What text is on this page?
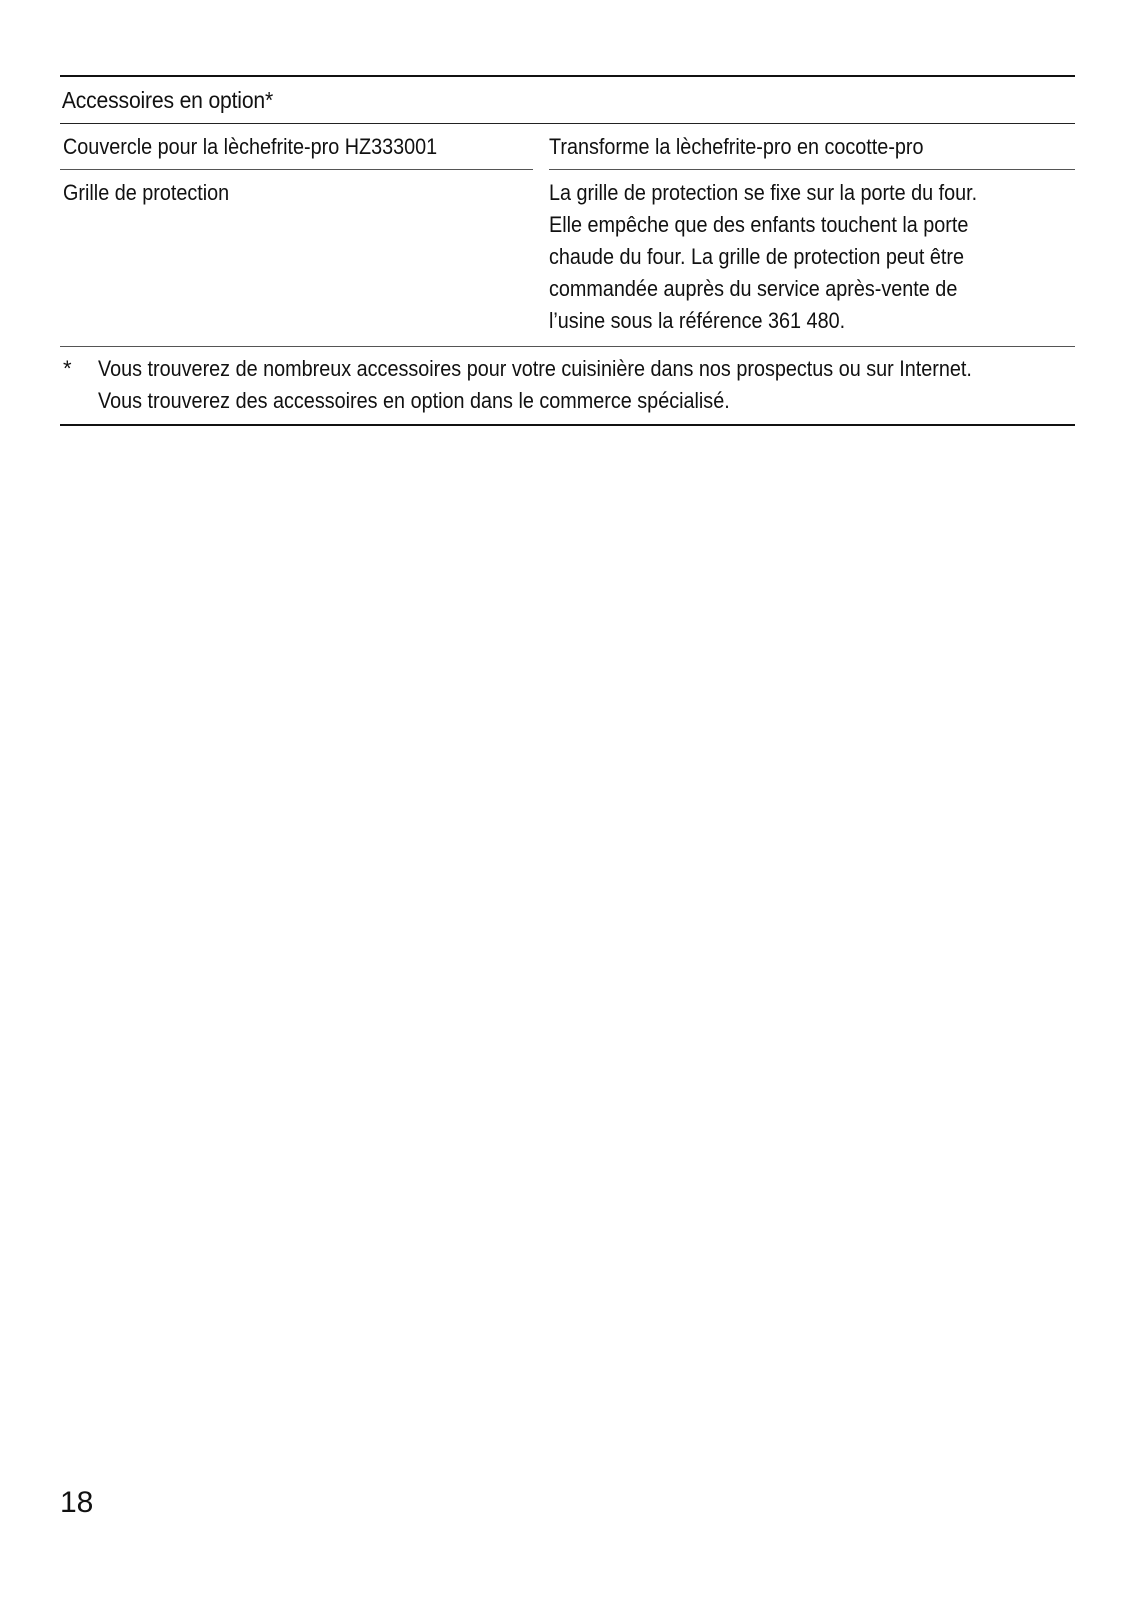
Accessoires en option*
Couvercle pour la lèchefrite-pro HZ333001	Transforme la lèchefrite-pro en cocotte-pro
Grille de protection	La grille de protection se fixe sur la porte du four.
Elle empêche que des enfants touchent la porte
chaude du four. La grille de protection peut être
commandée auprès du service après-vente de
l’usine sous la référence 361 480.
*	Vous trouverez de nombreux accessoires pour votre cuisinière dans nos prospectus ou sur Internet.
Vous trouverez des accessoires en option dans le commerce spécialisé.
18
